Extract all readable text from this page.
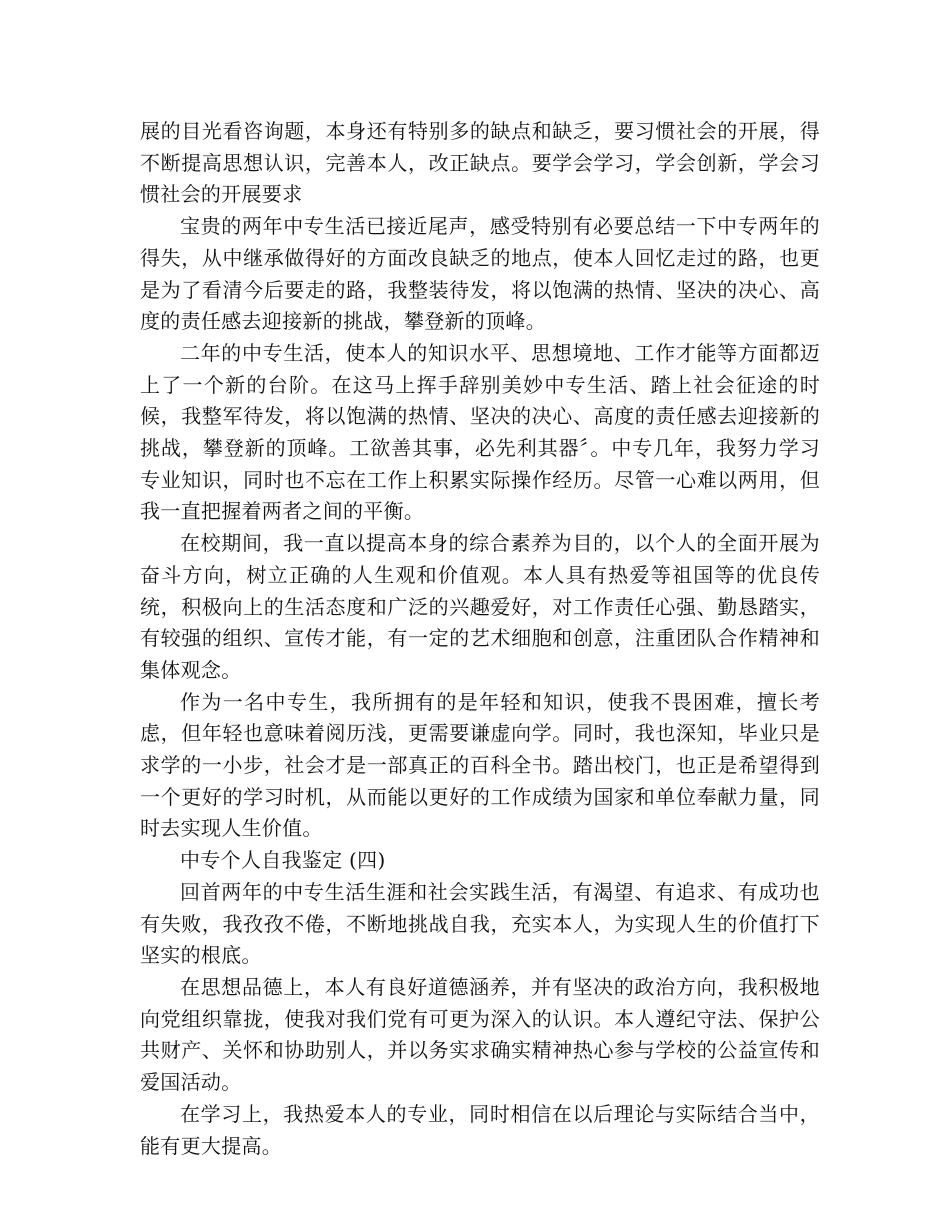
展的目光看咨询题，本身还有特别多的缺点和缺乏，要习惯社会的开展，得不断提高思想认识，完善本人，改正缺点。要学会学习，学会创新，学会习惯社会的开展要求

宝贵的两年中专生活已接近尾声，感受特别有必要总结一下中专两年的得失，从中继承做得好的方面改良缺乏的地点，使本人回忆走过的路，也更是为了看清今后要走的路，我整装待发，将以饱满的热情、坚决的决心、高度的责任感去迎接新的挑战，攀登新的顶峰。

二年的中专生活，使本人的知识水平、思想境地、工作才能等方面都迈上了一个新的台阶。在这马上挥手辞别美妙中专生活、踏上社会征途的时候，我整军待发，将以饱满的热情、坚决的决心、高度的责任感去迎接新的挑战，攀登新的顶峰。工欲善其事，必先利其器〞。中专几年，我努力学习专业知识，同时也不忘在工作上积累实际操作经历。尽管一心难以两用，但我一直把握着两者之间的平衡。

在校期间，我一直以提高本身的综合素养为目的，以个人的全面开展为奋斗方向，树立正确的人生观和价值观。本人具有热爱等祖国等的优良传统，积极向上的生活态度和广泛的兴趣爱好，对工作责任心强、勤恳踏实，有较强的组织、宣传才能，有一定的艺术细胞和创意，注重团队合作精神和集体观念。

作为一名中专生，我所拥有的是年轻和知识，使我不畏困难，擅长考虑，但年轻也意味着阅历浅，更需要谦虚向学。同时，我也深知，毕业只是求学的一小步，社会才是一部真正的百科全书。踏出校门，也正是希望得到一个更好的学习时机，从而能以更好的工作成绩为国家和单位奉献力量，同时去实现人生价值。

中专个人自我鉴定 (四)

回首两年的中专生活生涯和社会实践生活，有渴望、有追求、有成功也有失败，我孜孜不倦，不断地挑战自我，充实本人，为实现人生的价值打下坚实的根底。

在思想品德上，本人有良好道德涵养，并有坚决的政治方向，我积极地向党组织靠拢，使我对我们党有可更为深入的认识。本人遵纪守法、保护公共财产、关怀和协助别人，并以务实求确实精神热心参与学校的公益宣传和爱国活动。

在学习上，我热爱本人的专业，同时相信在以后理论与实际结合当中，能有更大提高。
